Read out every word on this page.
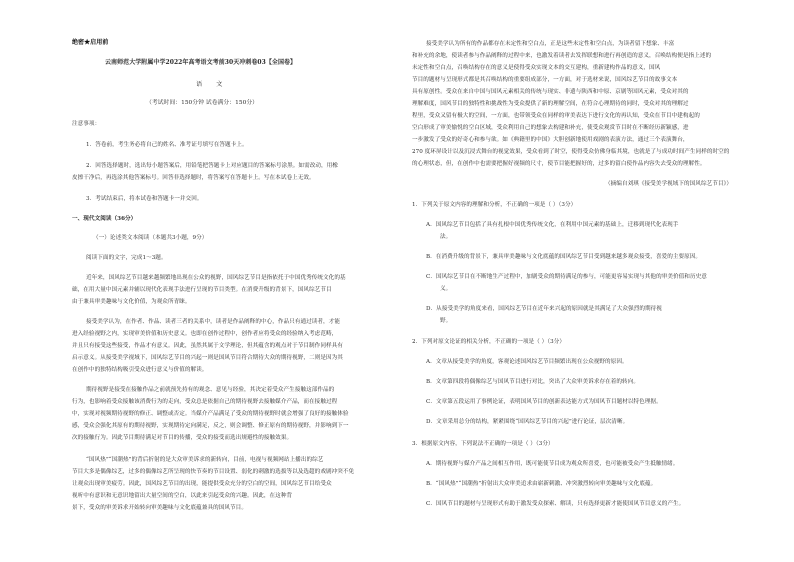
绝密★启用前
云南师范大学附属中学2022年高考语文考前30天冲刺卷03【全国卷】
语 文
（考试时间：150分钟 试卷满分：150分）
注意事项：
1．答卷前，考生务必将自己的姓名、准考证号填写在答题卡上。
2．回答选择题时，选出每小题答案后，用铅笔把答题卡上对应题目的答案标号涂黑。如需改动，用橡
皮擦干净后，再选涂其他答案标号。回答非选择题时，将答案写在答题卡上。写在本试卷上无效。
3．考试结束后，将本试卷和答题卡一并交回。
一、现代文阅读（36分）
（一）论述类文本阅读（本题共3小题，9分）
阅读下面的文字，完成1～3题。
近年来，国风综艺节目越来越频繁地出现在公众的视野，国风综艺节目是指依托于中国优秀传统文化的基
础，在用大量中国元素并辅以现代化表现手法进行呈现的节目类型。在消费升级的背景下，国风综艺节目
由于兼具审美趣味与文化价值，为观众所青睐。
接受美学认为，在作者、作品、读者三者的关系中，读者是作品阐释的中心，作品只有通过读者，才能
进入经验视野之内，实现审美价值和历史意义。也即在创作过程中，创作者应将受众的经验纳入考虑范畴，
并且只有接受这些接受，作品才有意义。因此，虽然其属于文学理论，但其蕴含的观点对于节目制作同样具有
启示意义。从接受美学视域下，国风综艺节目的兴起一则是国风节目符合期待大众的期待视野，二则是因为其
在创作中的独特结构吸引受众进行意义与价值的解读。
期待视野是接受在接触作品之前就预先持有的观念、意见与经验，其决定着受众产生接触这部作品的
行为，也影响着受众接触该消费行为的走向，受众总是依据自己的期待视野去接触媒介产品，而在接触过程
中，实现对视频期待视野的修正、调整或否定。当媒介产品满足了受众的期待视野时就会增强了良好的接触体验
感，受众会强化其原有的期待视野，实现期待定向满足，反之，则会调整、修正原有的期待视野，并影响到下一
次的接触行为。因此节目期待满足对节目的传播，受众的接受而选出规避性的接触效果。
“国风热”“国潮热”的背后折射的是大众审美诉求的新转向，目前，电视与视频网站上播出的综艺
节目大多是偶像综艺，过多的偶像综艺所呈现的快节奏的节目设置、弱化的刺激的选拔等以及选超的戏剧冲突不免
让观众出现审美疲劳。因此，国风综艺节目的出现，能提供受众充分的空白的空间，国风综艺节目给受众
视听中有意识和无意识地留出大量空间的空白，以此来引起受众的兴趣。因此，在这种背
景下，受众的审美诉求开始转向审美趣味与文化底蕴兼具的国风节目。
接受美学认为所有的作品都存在未定性和空白点，正是这些未定性和空白点，为读者留下想象、丰富
和补充的余地，使读者参与作品阐释的过程中来，也激发着读者去发挥联想和进行再创造的意义，召唤结构便是指上述的
未定性和空白点，召唤结构存在的意义是使得受众实现文本的交互建构，重新建构作品的意义，国风
节目的题材与呈现形式都是其召唤结构的重要组成部分，一方面，对于选材来说，国风综艺节目的故事文本
具有原创性。受众在来自中国与国风元素相关的传统与现实、非遗与陕西和中原、京剧等国风元素，受众对其的
理解难度，国风节目的独特性和挑战性为受众提供了新的理解空间，在符合心理期待的同时，受众对其的理解过
程里，受众又留有极大的空间，一方面，也带领受众在同样的审美表达下进行文化的再认知，受众在节目中建构起的
空白形成了审美愉悦的空白区域，受众利用自己的想象去构建和补充，使受众观赏节目时在不断经历新颖感，进
一步激发了受众的好奇心和参与欲。如《典籍里的中国》大胆创新地使用戏剧的表演方法，通过三个表演舞台，
270 度环屏设计以及沉浸式舞台的视觉效果，受众看到了时空，使得受众仿佛身临其境，也就是了与成功时间产生同样的时空的
的心理状态，但，在创作中也需要把握好视频的尺寸，使节目能把握好的，过多的留白使作品内容失去受众的理解性。
（摘编自刘琪《接受美学视域下的国风综艺节目》）
1．下列关于原文内容的理解和分析，不正确的一项是（ ）（3分）
A．国风综艺节目包括了具有扎根中国优秀传统文化，在利用中国元素的基础上，迁移到现代化表现手
法。
B．在消费升级的背景下，兼具审美趣味与文化底蕴的国风综艺节目受到越来越多观众接受，喜爱的主要原因。
C．国风综艺节目在不断地生产过程中，加剧受众的期待满足的参与，可能更容易实现与其他的审美价值和历史意
义。
D．从接受美学的角度来看，国风综艺节目在近年来兴起的原因就是其满足了大众强烈的期待视
野。
2．下列对原文论证的相关分析，不正确的一项是（ ）（3分）
A．文章从接受美学的角度，客观论述国风综艺节目频繁出现在公众视野的原因。
B．文章第四段将偶像综艺与国风节目进行对比，突出了大众审美诉求存在着的转向。
C．文章第五段运用了事例论证，表明国风节目的创新表达能方式为国风节目题材以特色理据。
D．文章采用总分的结构，紧紧围绕“国风综艺节目的兴起”进行论证，层次清晰。
3．根据原文内容，下列说法不正确的一项是（ ）（3分）
A．期待视野与媒介产品之间相互作用，既可能使节目成为观众所喜爱，也可能被受众产生抵触情绪。
B．“国风热”“国潮热”折射出大众审美追求由崭新刺激、冲突激烈转向审美趣味与文化底蕴。
C．国风节目的题材与呈现形式有助于激发受众探索、解读，只有选择更新才能使国风节目意义的产生。
